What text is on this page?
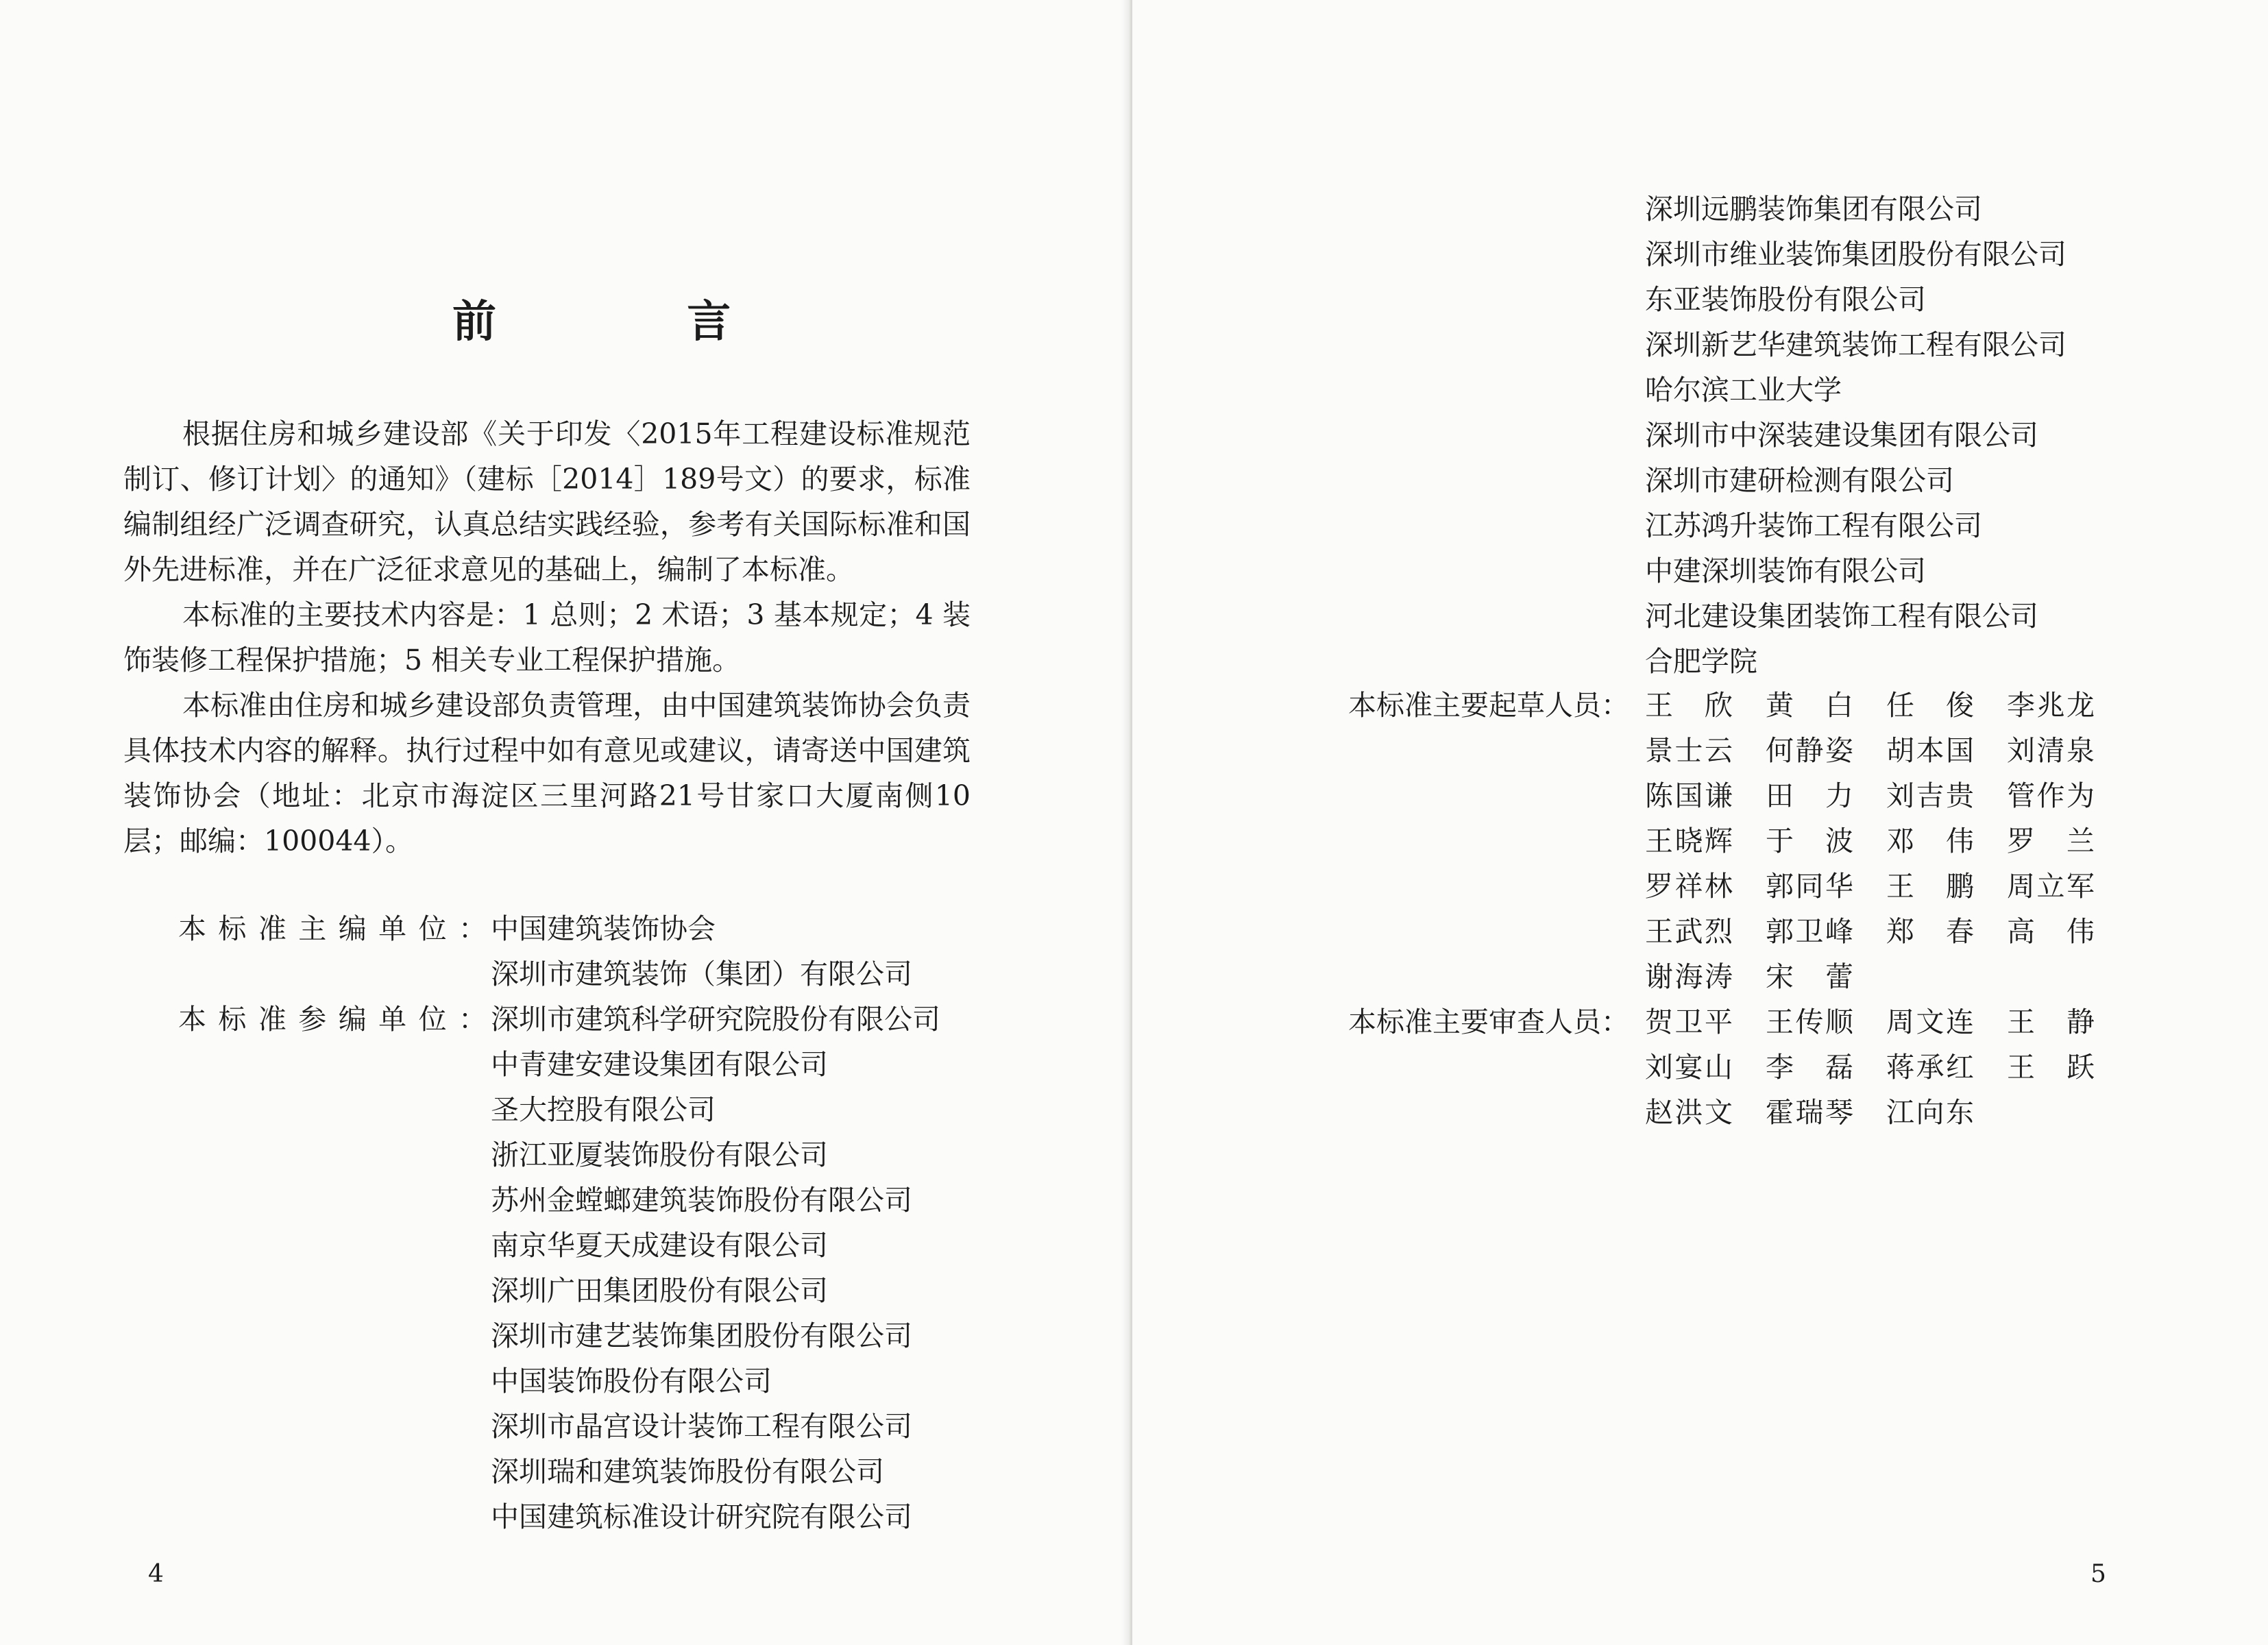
前 言

根据住房和城乡建设部《关于印发〈2015年工程建设标准规范制订、修订计划〉的通知》（建标［2014］189号文）的要求，标准编制组经广泛调查研究，认真总结实践经验，参考有关国际标准和国外先进标准，并在广泛征求意见的基础上，编制了本标准。

本标准的主要技术内容是：1 总则；2 术语；3 基本规定；4 装饰装修工程保护措施；5 相关专业工程保护措施。

本标准由住房和城乡建设部负责管理，由中国建筑装饰协会负责具体技术内容的解释。执行过程中如有意见或建议，请寄送中国建筑装饰协会（地址：北京市海淀区三里河路21号甘家口大厦南侧10层；邮编：100044）。

本标准主编单位： 中国建筑装饰协会
深圳市建筑装饰（集团）有限公司
本标准参编单位： 深圳市建筑科学研究院股份有限公司
中青建安建设集团有限公司
圣大控股有限公司
浙江亚厦装饰股份有限公司
苏州金螳螂建筑装饰股份有限公司
南京华夏天成建设有限公司
深圳广田集团股份有限公司
深圳市建艺装饰集团股份有限公司
中国装饰股份有限公司
深圳市晶宫设计装饰工程有限公司
深圳瑞和建筑装饰股份有限公司
中国建筑标准设计研究院有限公司
4
深圳远鹏装饰集团有限公司
深圳市维业装饰集团股份有限公司
东亚装饰股份有限公司
深圳新艺华建筑装饰工程有限公司
哈尔滨工业大学
深圳市中深装建设集团有限公司
深圳市建研检测有限公司
江苏鸿升装饰工程有限公司
中建深圳装饰有限公司
河北建设集团装饰工程有限公司
合肥学院
本标准主要起草人员： 王 欣 黄 白 任 俊 李兆龙
景士云 何静姿 胡本国 刘清泉
陈国谦 田 力 刘吉贵 管作为
王晓辉 于 波 邓 伟 罗 兰
罗祥林 郭同华 王 鹏 周立军
王武烈 郭卫峰 郑 春 高 伟
谢海涛 宋 蕾
本标准主要审查人员： 贺卫平 王传顺 周文连 王 静
刘宴山 李 磊 蒋承红 王 跃
赵洪文 霍瑞琴 江向东
5
